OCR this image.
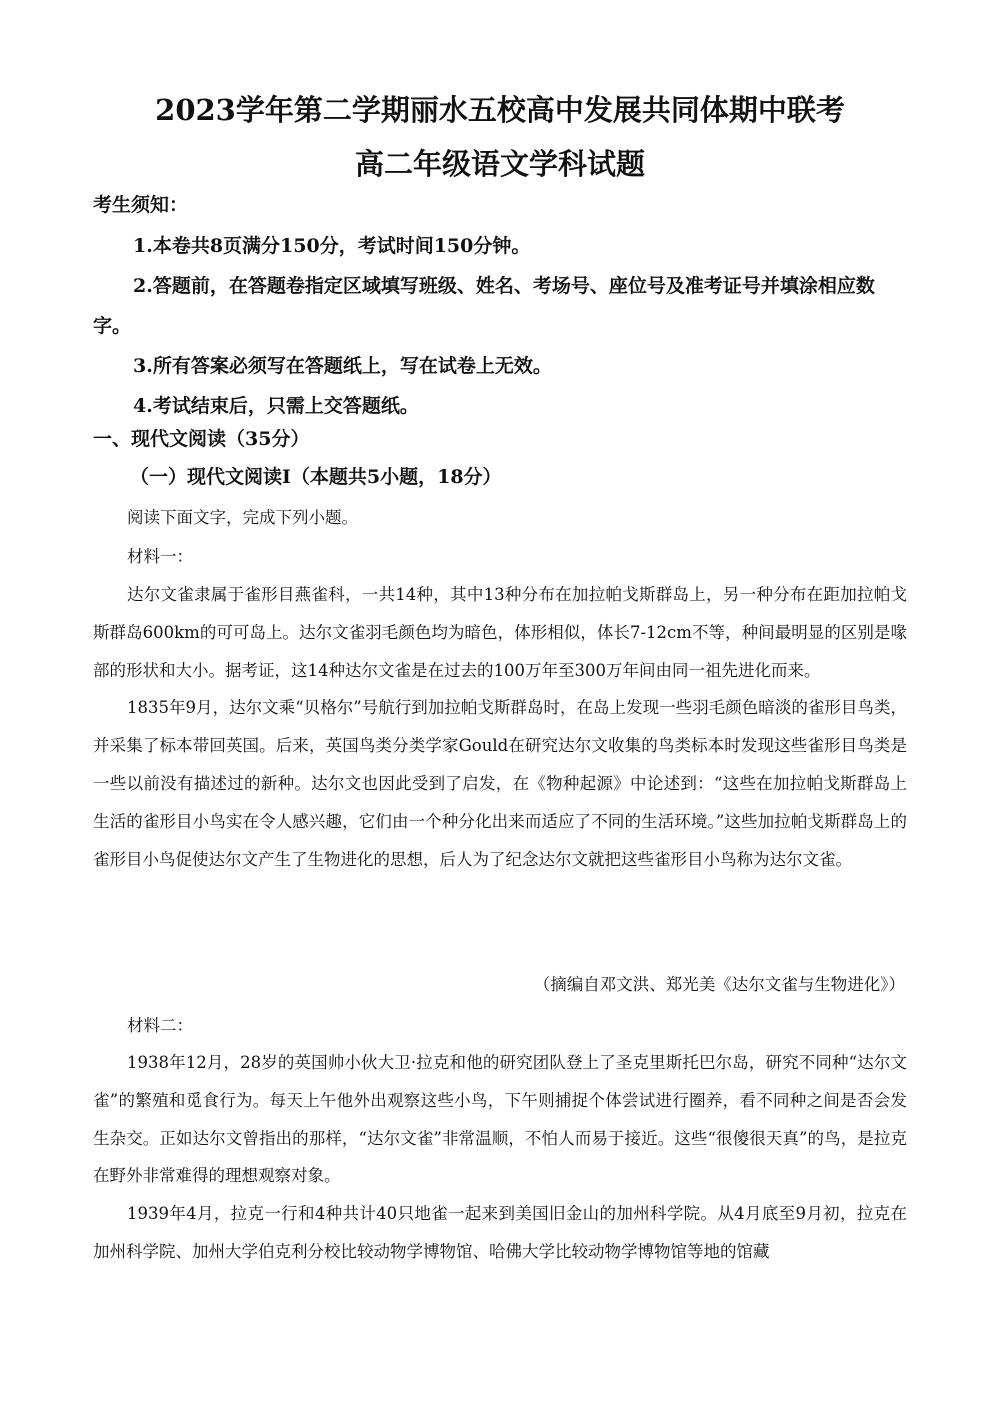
2023学年第二学期丽水五校高中发展共同体期中联考
高二年级语文学科试题
考生须知：

1.本卷共8页满分150分，考试时间150分钟。

2.答题前，在答题卷指定区域填写班级、姓名、考场号、座位号及准考证号并填涂相应数字。

3.所有答案必须写在答题纸上，写在试卷上无效。

4.考试结束后，只需上交答题纸。

一、现代文阅读（35分）
（一）现代文阅读Ⅰ（本题共5小题，18分）
阅读下面文字，完成下列小题。
材料一：

达尔文雀隶属于雀形目燕雀科，一共14种，其中13种分布在加拉帕戈斯群岛上，另一种分布在距加拉帕戈斯群岛600km的可可岛上。达尔文雀羽毛颜色均为暗色，体形相似，体长7-12cm不等，种间最明显的区别是喙部的形状和大小。据考证，这14种达尔文雀是在过去的100万年至300万年间由同一祖先进化而来。

1835年9月，达尔文乘“贝格尔”号航行到加拉帕戈斯群岛时，在岛上发现一些羽毛颜色暗淡的雀形目鸟类，并采集了标本带回英国。后来，英国鸟类分类学家Gould在研究达尔文收集的鸟类标本时发现这些雀形目鸟类是一些以前没有描述过的新种。达尔文也因此受到了启发，在《物种起源》中论述到：“这些在加拉帕戈斯群岛上生活的雀形目小鸟实在令人感兴趣，它们由一个种分化出来而适应了不同的生活环境。”这些加拉帕戈斯群岛上的雀形目小鸟促使达尔文产生了生物进化的思想，后人为了纪念达尔文就把这些雀形目小鸟称为达尔文雀。

（摘编自邓文洪、郑光美《达尔文雀与生物进化》）
材料二：

1938年12月，28岁的英国帅小伙大卫·拉克和他的研究团队登上了圣克里斯托巴尔岛，研究不同种“达尔文雀”的繁殖和觅食行为。每天上午他外出观察这些小鸟，下午则捕捉个体尝试进行圈养，看不同种之间是否会发生杂交。正如达尔文曾指出的那样，“达尔文雀”非常温顺，不怕人而易于接近。这些“很傻很天真”的鸟，是拉克在野外非常难得的理想观察对象。

1939年4月，拉克一行和4种共计40只地雀一起来到美国旧金山的加州科学院。从4月底至9月初，拉克在加州科学院、加州大学伯克利分校比较动物学博物馆、哈佛大学比较动物学博物馆等地的馆藏
